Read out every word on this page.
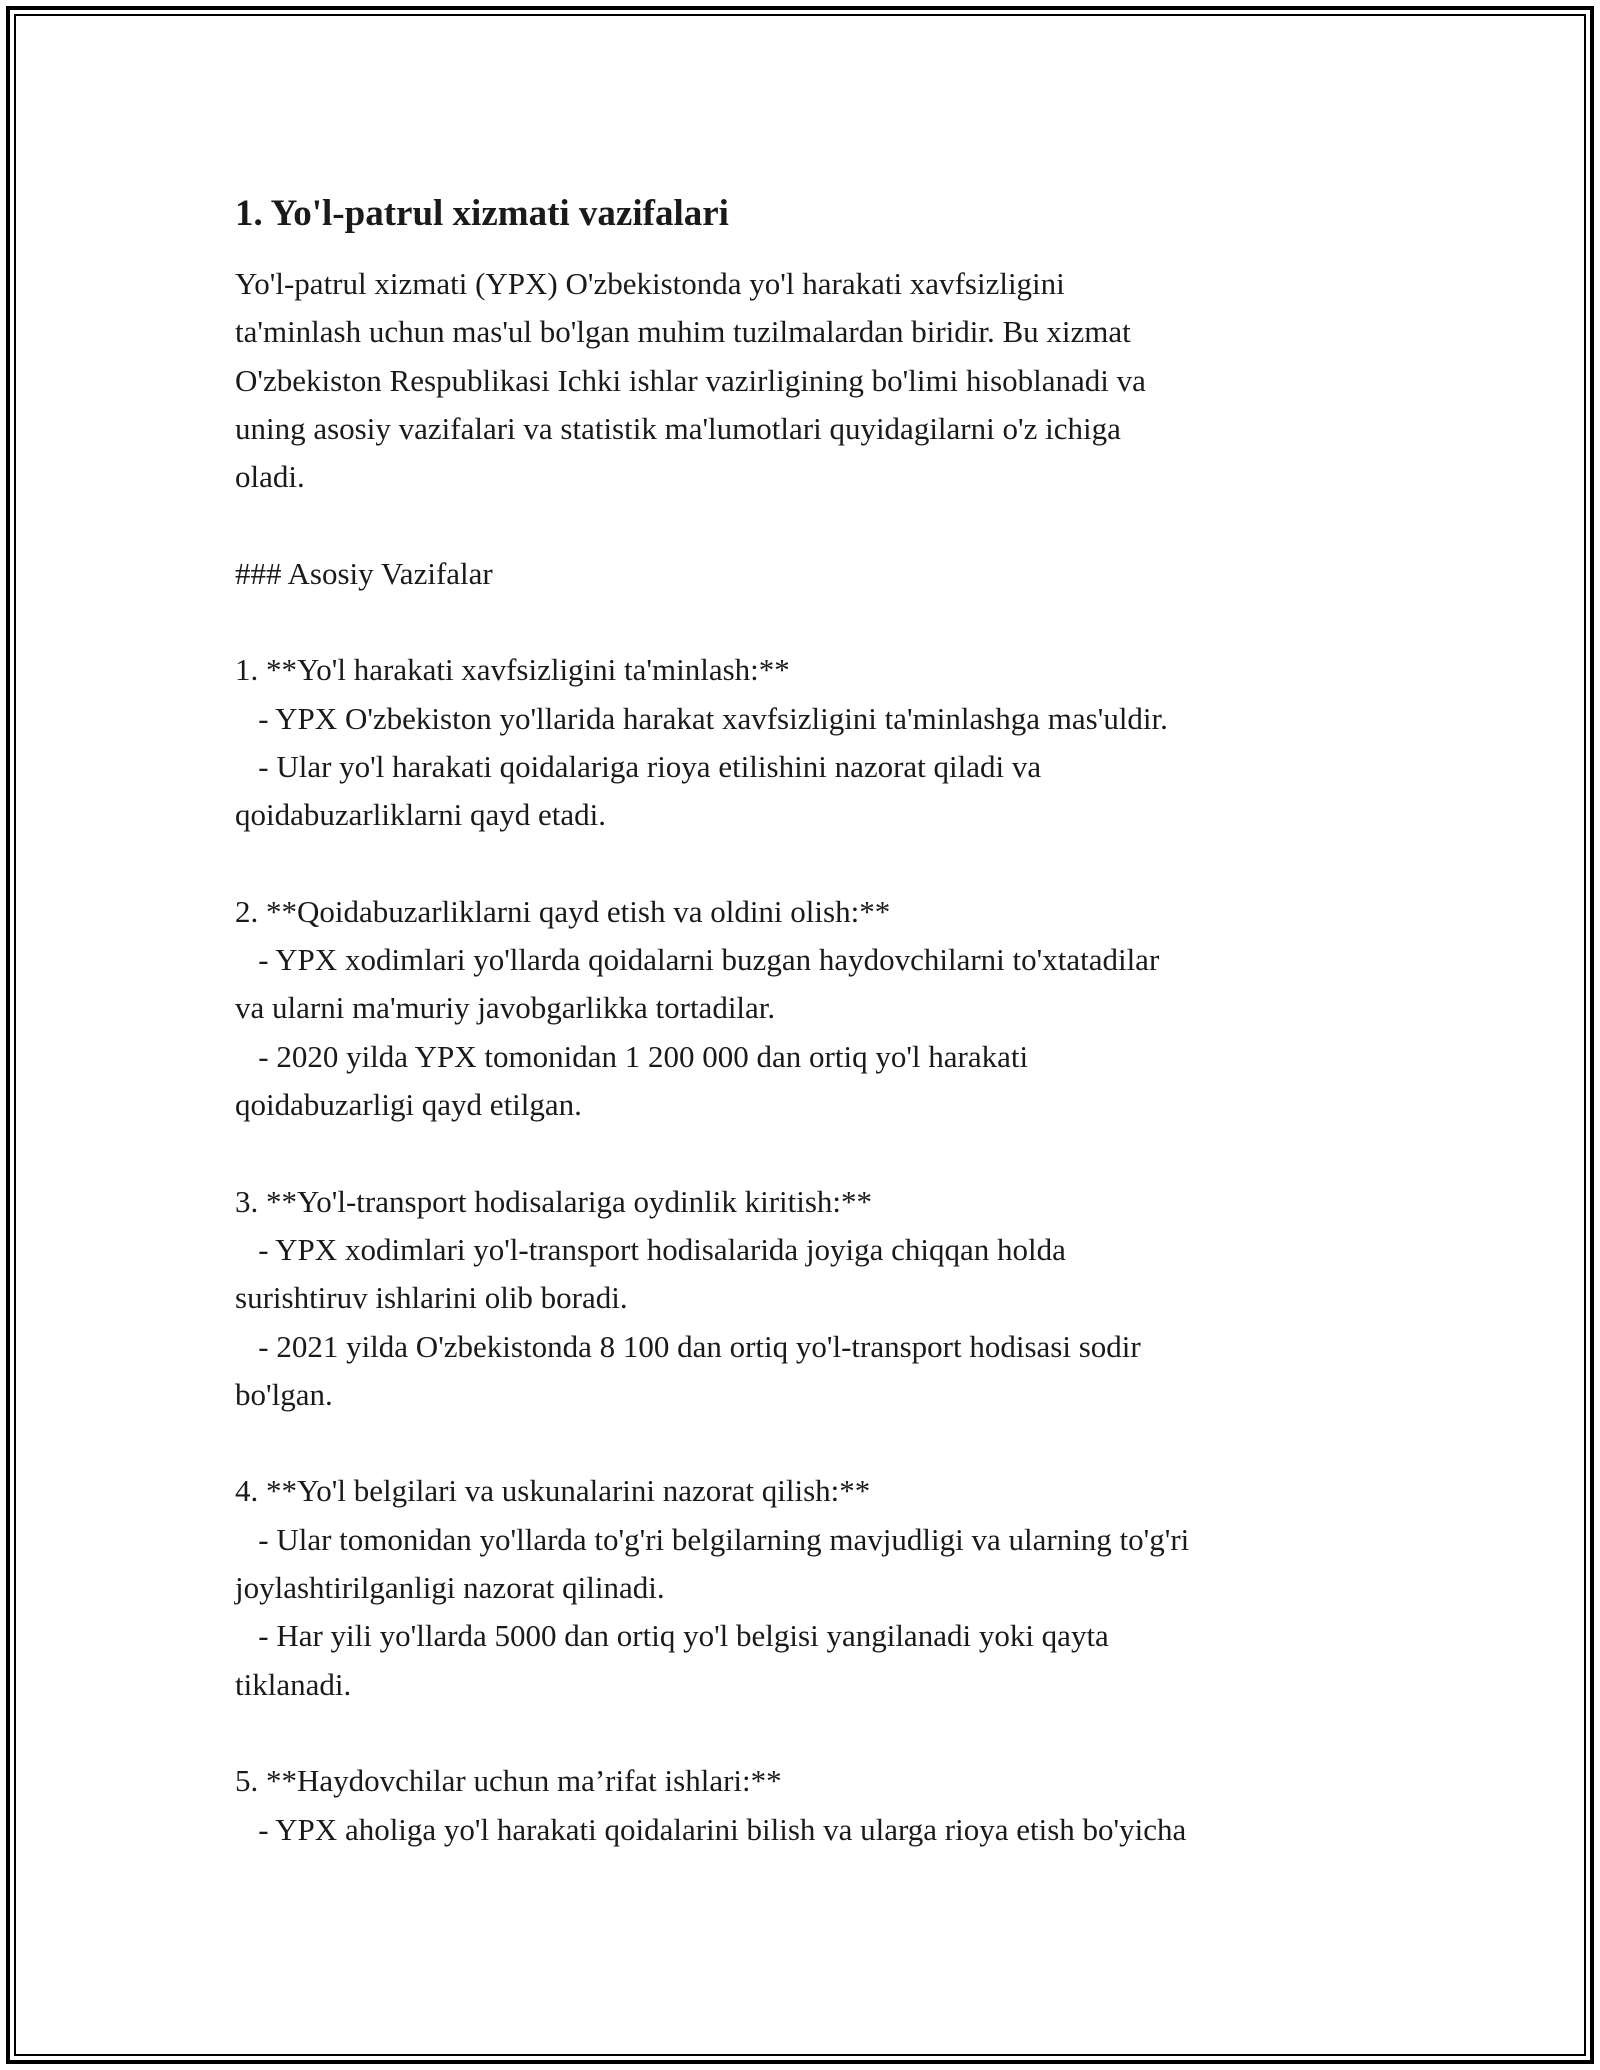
1. Yo'l-patrul xizmati vazifalari
Yo'l-patrul xizmati (YPX) O'zbekistonda yo'l harakati xavfsizligini
ta'minlash uchun mas'ul bo'lgan muhim tuzilmalardan biridir. Bu xizmat
O'zbekiston Respublikasi Ichki ishlar vazirligining bo'limi hisoblanadi va
uning asosiy vazifalari va statistik ma'lumotlari quyidagilarni o'z ichiga
oladi.

### Asosiy Vazifalar

1. **Yo'l harakati xavfsizligini ta'minlash:**
- YPX O'zbekiston yo'llarida harakat xavfsizligini ta'minlashga mas'uldir.
- Ular yo'l harakati qoidalariga rioya etilishini nazorat qiladi va
qoidabuzarliklarni qayd etadi.

2. **Qoidabuzarliklarni qayd etish va oldini olish:**
- YPX xodimlari yo'llarda qoidalarni buzgan haydovchilarni to'xtatadilar
va ularni ma'muriy javobgarlikka tortadilar.
- 2020 yilda YPX tomonidan 1 200 000 dan ortiq yo'l harakati
qoidabuzarligi qayd etilgan.

3. **Yo'l-transport hodisalariga oydinlik kiritish:**
- YPX xodimlari yo'l-transport hodisalarida joyiga chiqqan holda
surishtiruv ishlarini olib boradi.
- 2021 yilda O'zbekistonda 8 100 dan ortiq yo'l-transport hodisasi sodir
bo'lgan.

4. **Yo'l belgilari va uskunalarini nazorat qilish:**
- Ular tomonidan yo'llarda to'g'ri belgilarning mavjudligi va ularning to'g'ri
joylashtirilganligi nazorat qilinadi.
- Har yili yo'llarda 5000 dan ortiq yo'l belgisi yangilanadi yoki qayta
tiklanadi.

5. **Haydovchilar uchun ma’rifat ishlari:**
- YPX aholiga yo'l harakati qoidalarini bilish va ularga rioya etish bo'yicha
